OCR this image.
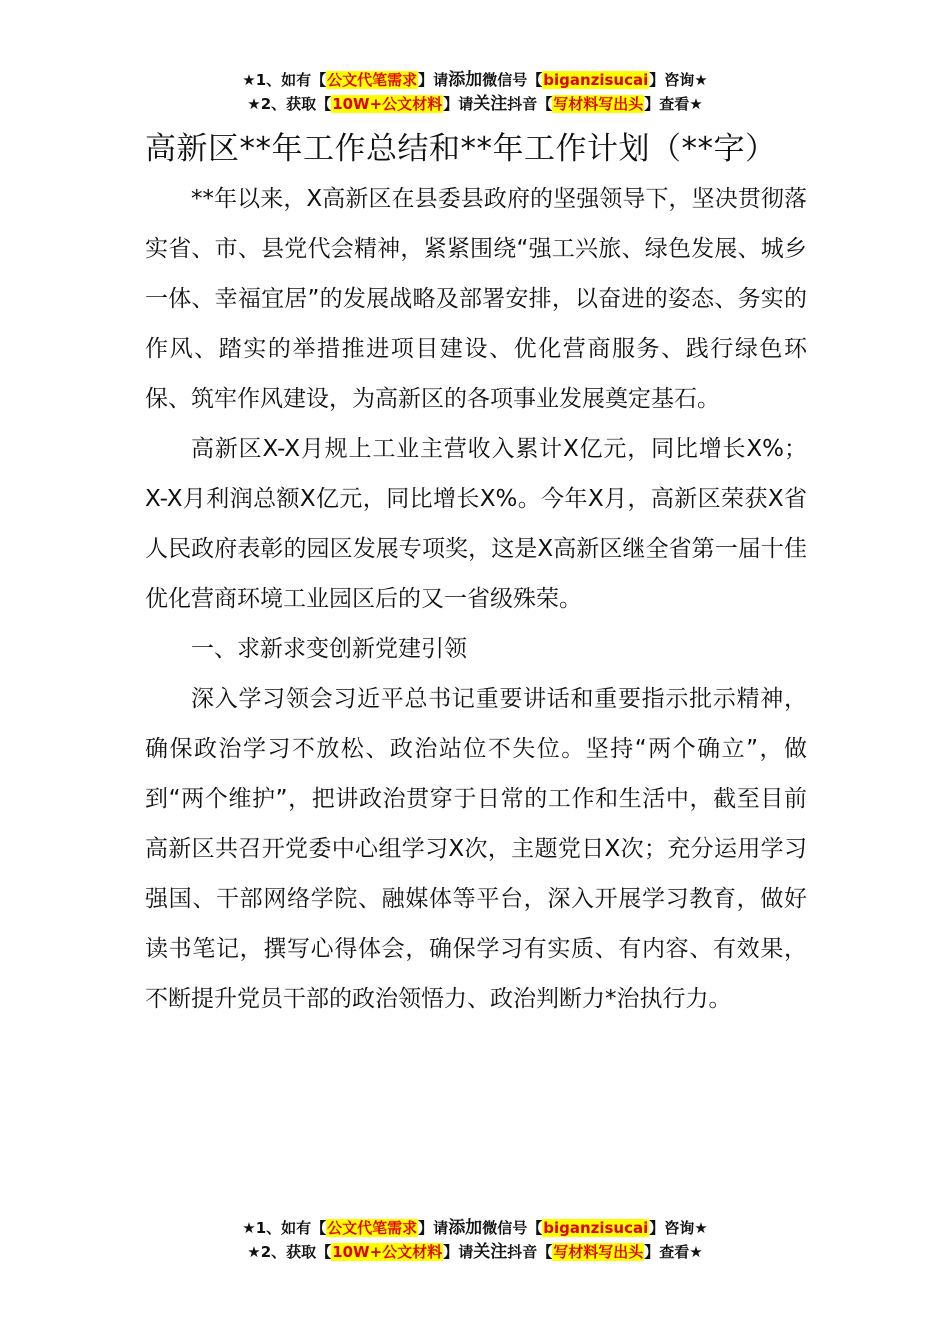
★1、如有【公文代笔需求】请添加微信号【biganzisucai】咨询★
★2、获取【10W+公文材料】请关注抖音【写材料写出头】查看★
高新区**年工作总结和**年工作计划（**字）

**年以来，X高新区在县委县政府的坚强领导下，坚决贯彻落实省、市、县党代会精神，紧紧围绕“强工兴旅、绿色发展、城乡一体、幸福宜居”的发展战略及部署安排，以奋进的姿态、务实的作风、踏实的举措推进项目建设、优化营商服务、践行绿色环保、筑牢作风建设，为高新区的各项事业发展奠定基石。

高新区X-X月规上工业主营收入累计X亿元，同比增长X%；X-X月利润总额X亿元，同比增长X%。今年X月，高新区荣获X省人民政府表彰的园区发展专项奖，这是X高新区继全省第一届十佳优化营商环境工业园区后的又一省级殊荣。

一、求新求变创新党建引领

深入学习领会习近平总书记重要讲话和重要指示批示精神，确保政治学习不放松、政治站位不失位。坚持“两个确立”，做到“两个维护”，把讲政治贯穿于日常的工作和生活中，截至目前高新区共召开党委中心组学习X次，主题党日X次；充分运用学习强国、干部网络学院、融媒体等平台，深入开展学习教育，做好读书笔记，撰写心得体会，确保学习有实质、有内容、有效果，不断提升党员干部的政治领悟力、政治判断力*治执行力。

★1、如有【公文代笔需求】请添加微信号【biganzisucai】咨询★
★2、获取【10W+公文材料】请关注抖音【写材料写出头】查看★
